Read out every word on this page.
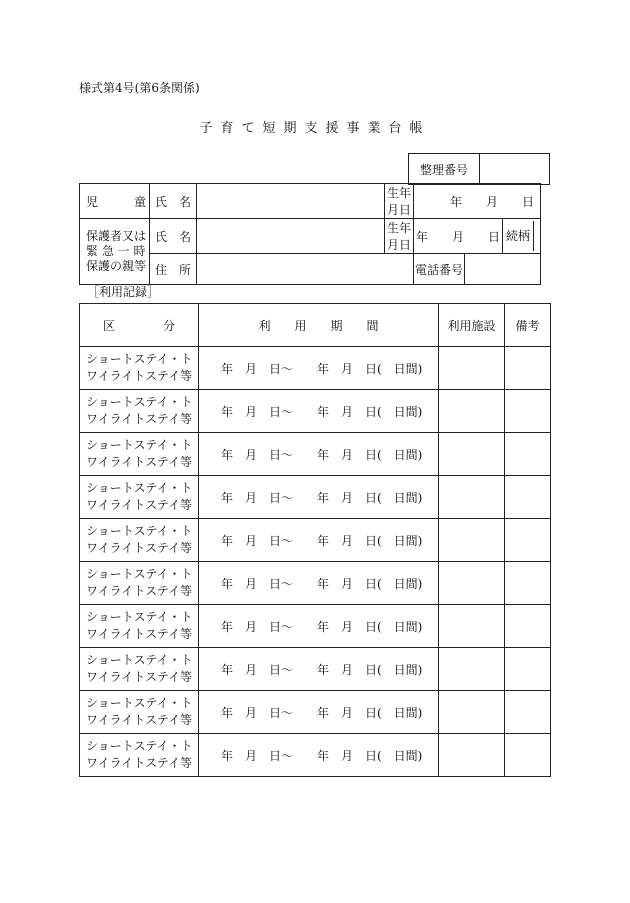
様式第4号(第6条関係)
子育て短期支援事業台帳
整理番号	
児　　　童	氏　名		生年月日	年　　月　　日		

保護者又は
緊 急 一 時
保護の親等	氏　名		生年月日	年　　月　　日		続柄

	住　所			電話番号		
［利用記録］
区　　　　分	利　　用　　期　　間	利用施設	備考

ショートステイ・ト
ワイライトステイ等	年　月　日〜　　年　月　日(　日間)		

ショートステイ・ト
ワイライトステイ等	年　月　日〜　　年　月　日(　日間)		

ショートステイ・ト
ワイライトステイ等	年　月　日〜　　年　月　日(　日間)		

ショートステイ・ト
ワイライトステイ等	年　月　日〜　　年　月　日(　日間)		

ショートステイ・ト
ワイライトステイ等	年　月　日〜　　年　月　日(　日間)		

ショートステイ・ト
ワイライトステイ等	年　月　日〜　　年　月　日(　日間)		

ショートステイ・ト
ワイライトステイ等	年　月　日〜　　年　月　日(　日間)		

ショートステイ・ト
ワイライトステイ等	年　月　日〜　　年　月　日(　日間)		

ショートステイ・ト
ワイライトステイ等	年　月　日〜　　年　月　日(　日間)		

ショートステイ・ト
ワイライトステイ等	年　月　日〜　　年　月　日(　日間)		
